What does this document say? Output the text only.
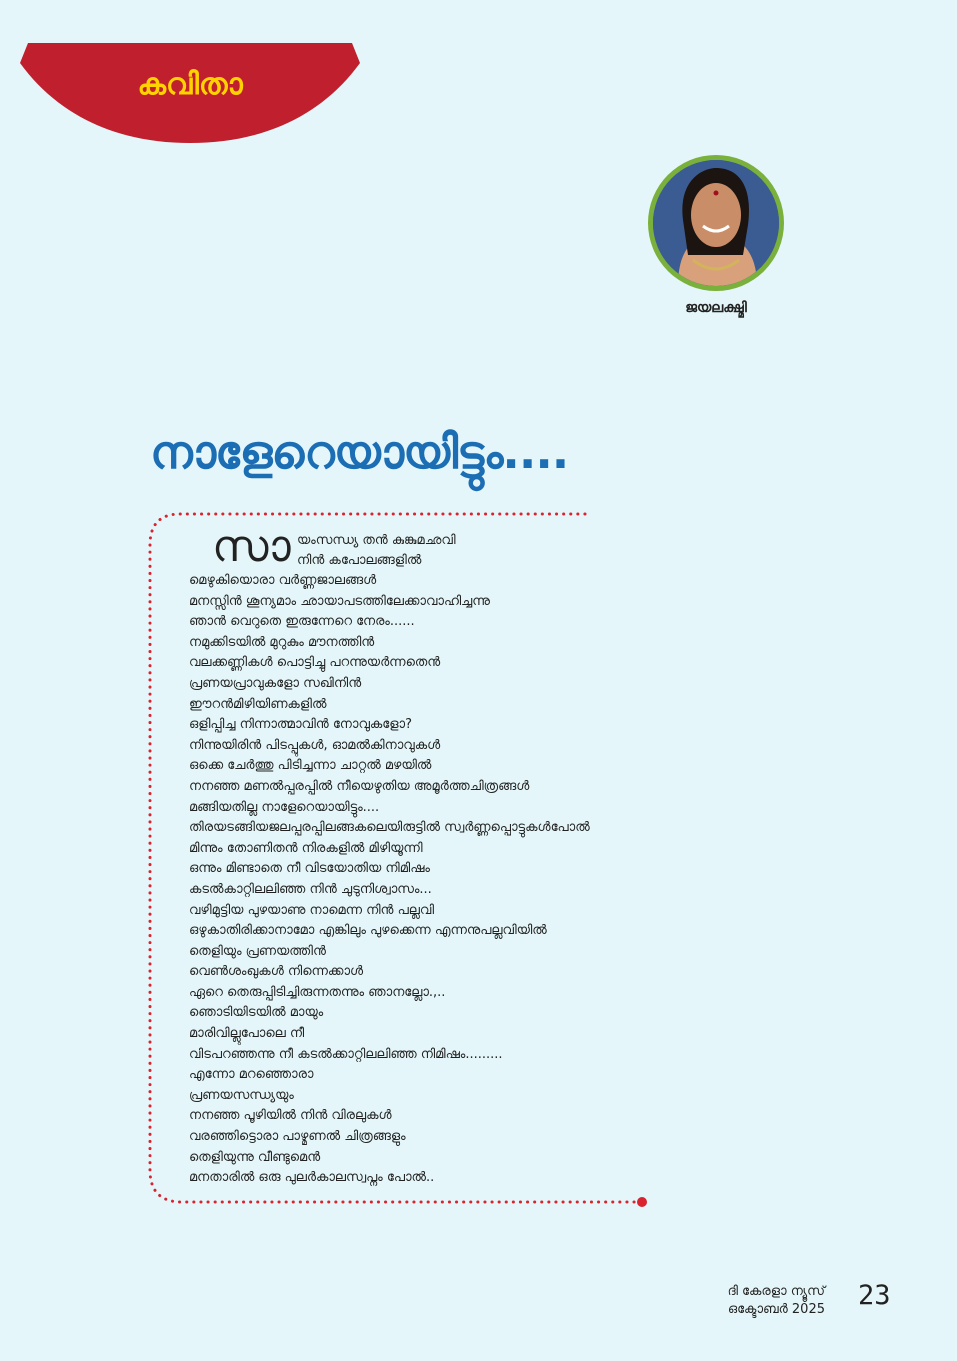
കവിതാ
ജയലക്ഷ്മി
നാളേറെയായിട്ടും....
സാ യംസന്ധ്യ തൻ കുങ്കുമഛവി
നിൻ കപോലങ്ങളിൽ
മെഴുകിയൊരാ വർണ്ണജാലങ്ങൾ
മനസ്സിൻ ശൂന്യമാം ഛായാപടത്തിലേക്കാവാഹിച്ചന്നു
ഞാൻ വെറുതെ ഇരുന്നേറെ നേരം......
നമുക്കിടയിൽ മുറുകും മൗനത്തിൻ
വലക്കണ്ണികൾ പൊട്ടിച്ചു പറന്നുയർന്നതെൻ
പ്രണയപ്രാവുകളോ സഖിനിൻ
ഈറൻമിഴിയിണകളിൽ
ഒളിപ്പിച്ച നിന്നാത്മാവിൻ നോവുകളോ?
നിന്നുയിരിൻ പിടപ്പുകൾ, ഓമൽകിനാവുകൾ
ഒക്കെ ചേർത്തു പിടിച്ചന്നാ ചാറ്റൽ മഴയിൽ
നനഞ്ഞ മണൽപ്പരപ്പിൽ നീയെഴുതിയ അമൂർത്തചിത്രങ്ങൾ
മങ്ങിയതില്ല നാളേറെയായിട്ടും....
തിരയടങ്ങിയജലപ്പരപ്പിലങ്ങകലെയിരുട്ടിൽ സ്വർണ്ണപ്പൊട്ടുകൾപോൽ
മിന്നും തോണിതൻ നിരകളിൽ മിഴിയൂന്നി
ഒന്നും മിണ്ടാതെ നീ വിടയോതിയ നിമിഷം
കടൽകാറ്റിലലിഞ്ഞ നിൻ ചുടുനിശ്വാസം...
വഴിമുട്ടിയ പുഴയാണു നാമെന്ന നിൻ പല്ലവി
ഒഴുകാതിരിക്കാനാമോ എങ്കിലും പുഴക്കെന്ന എന്നനുപല്ലവിയിൽ
തെളിയും പ്രണയത്തിൻ
വെൺശംഖുകൾ നിന്നെക്കാൾ
ഏറെ തെരുപ്പിടിച്ചിരുന്നതന്നും ഞാനല്ലോ.,..
ഞൊടിയിടയിൽ മായും
മാരിവില്ലുപോലെ നീ
വിടപറഞ്ഞന്നു നീ കടൽക്കാറ്റിലലിഞ്ഞ നിമിഷം.........
എന്നോ മറഞ്ഞൊരാ
പ്രണയസന്ധ്യയും
നനഞ്ഞ പൂഴിയിൽ നിൻ വിരലുകൾ
വരഞ്ഞിട്ടൊരാ പാഴ്മണൽ ചിത്രങ്ങളും
തെളിയുന്നു വീണ്ടുമെൻ
മനതാരിൽ ഒരു പുലർകാലസ്വപ്നം പോൽ..
ദി കേരളാ ന്യൂസ്
ഒക്ടോബർ 2025 23
